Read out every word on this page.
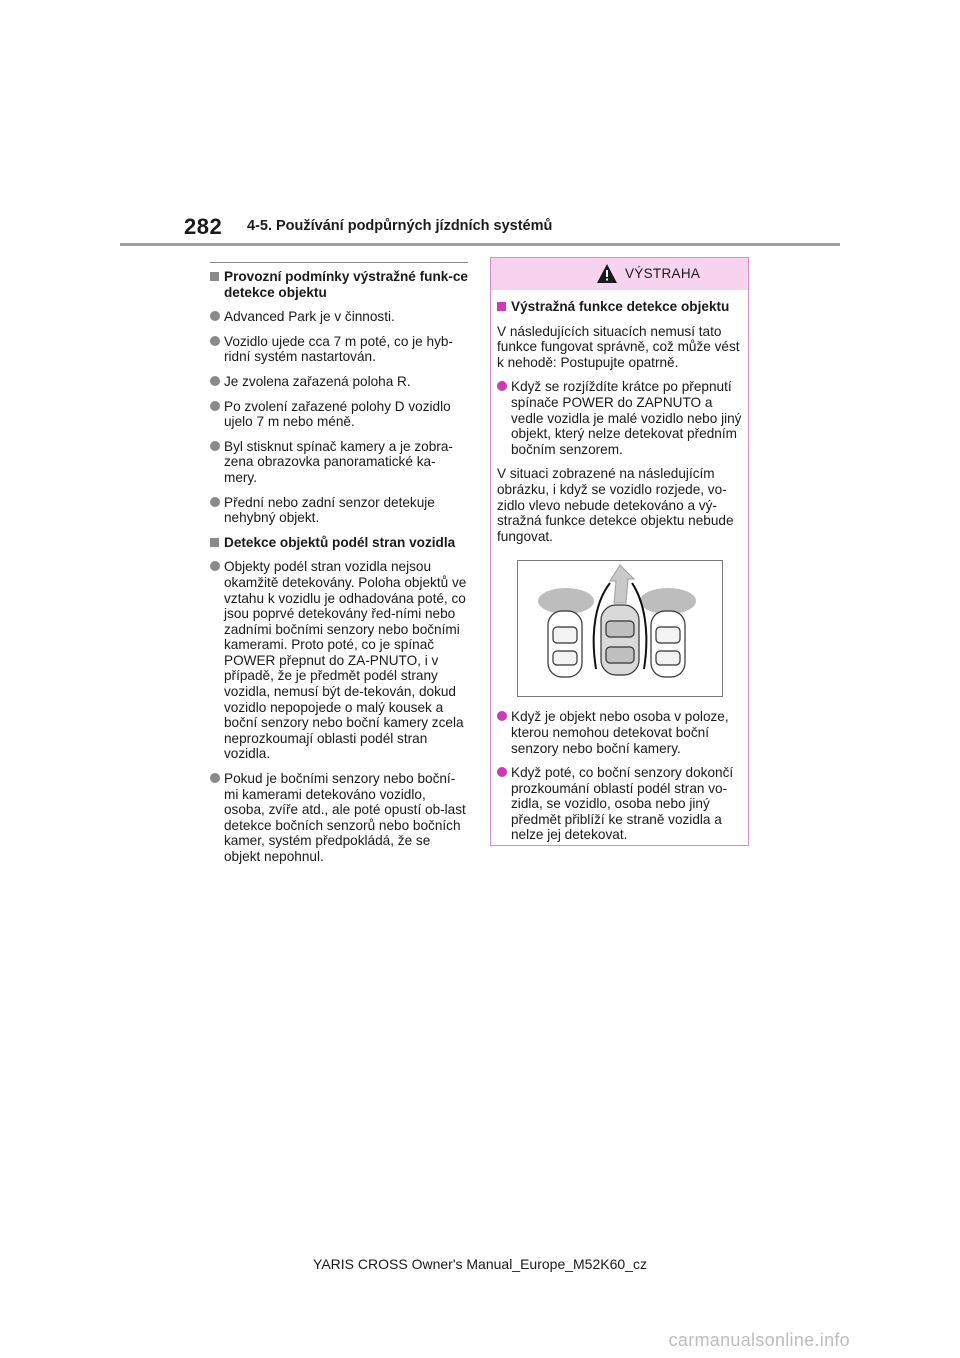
282 4-5. Používání podpůrných jízdních systémů
Provozní podmínky výstražné funk-ce detekce objektu
Advanced Park je v činnosti.
Vozidlo ujede cca 7 m poté, co je hyb-ridní systém nastartován.
Je zvolena zařazená poloha R.
Po zvolení zařazené polohy D vozidlo ujelo 7 m nebo méně.
Byl stisknut spínač kamery a je zobra-zena obrazovka panoramatické ka-mery.
Přední nebo zadní senzor detekuje nehybný objekt.
Detekce objektů podél stran vozidla
Objekty podél stran vozidla nejsou okamžitě detekovány. Poloha objektů ve vztahu k vozidlu je odhadována poté, co jsou poprvé detekovány řed-ními nebo zadními bočními senzory nebo bočními kamerami. Proto poté, co je spínač POWER přepnut do ZA-PNUTO, i v případě, že je předmět podél strany vozidla, nemusí být de-tekován, dokud vozidlo nepopojede o malý kousek a boční senzory nebo boční kamery zcela neprozkoumají oblasti podél stran vozidla.
Pokud je bočními senzory nebo boční-mi kamerami detekováno vozidlo, osoba, zvíře atd., ale poté opustí ob-last detekce bočních senzorů nebo bočních kamer, systém předpokládá, že se objekt nepohnul.
VÝSTRAHA
Výstražná funkce detekce objektu
V následujících situacích nemusí tato funkce fungovat správně, což může vést k nehodě: Postupujte opatrně.
Když se rozjíždíte krátce po přepnutí spínače POWER do ZAPNUTO a vedle vozidla je malé vozidlo nebo jiný objekt, který nelze detekovat předním bočním senzorem.
V situaci zobrazené na následujícím obrázku, i když se vozidlo rozjede, vo-zidlo vlevo nebude detekováno a vý-stražná funkce detekce objektu nebude fungovat.
Když je objekt nebo osoba v poloze, kterou nemohou detekovat boční senzory nebo boční kamery.
Když poté, co boční senzory dokončí prozkoumání oblastí podél stran vo-zidla, se vozidlo, osoba nebo jiný předmět přiblíží ke straně vozidla a nelze jej detekovat.
YARIS CROSS Owner's Manual_Europe_M52K60_cz
carmanualsonline.info
